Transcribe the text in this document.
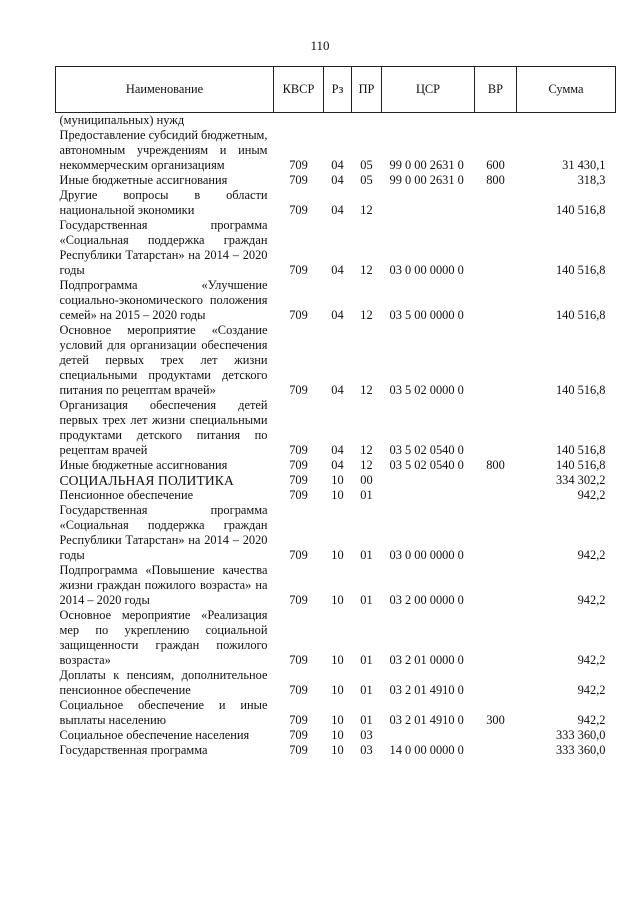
110
Наименование	КВСР	Рз	ПР	ЦСР	ВР	Сумма
(муниципальных) нужд						
Предоставление субсидий бюджетным, автономным учреждениям и иным некоммерческим организациям	709	04	05	99 0 00 2631 0	600	31 430,1
Иные бюджетные ассигнования	709	04	05	99 0 00 2631 0	800	318,3
Другие вопросы в области национальной экономики	709	04	12			140 516,8
Государственная программа «Социальная поддержка граждан Республики Татарстан» на 2014 – 2020 годы	709	04	12	03 0 00 0000 0		140 516,8
Подпрограмма «Улучшение социально-экономического положения семей» на 2015 – 2020 годы	709	04	12	03 5 00 0000 0		140 516,8
Основное мероприятие «Создание условий для организации обеспечения детей первых трех лет жизни специальными продуктами детского питания по рецептам врачей»	709	04	12	03 5 02 0000 0		140 516,8
Организация обеспечения детей первых трех лет жизни специальными продуктами детского питания по рецептам врачей	709	04	12	03 5 02 0540 0		140 516,8
Иные бюджетные ассигнования	709	04	12	03 5 02 0540 0	800	140 516,8
СОЦИАЛЬНАЯ ПОЛИТИКА	709	10	00			334 302,2
Пенсионное обеспечение	709	10	01			942,2
Государственная программа «Социальная поддержка граждан Республики Татарстан» на 2014 – 2020 годы	709	10	01	03 0 00 0000 0		942,2
Подпрограмма «Повышение качества жизни граждан пожилого возраста» на 2014 – 2020 годы	709	10	01	03 2 00 0000 0		942,2
Основное мероприятие «Реализация мер по укреплению социальной защищенности граждан пожилого возраста»	709	10	01	03 2 01 0000 0		942,2
Доплаты к пенсиям, дополнительное пенсионное обеспечение	709	10	01	03 2 01 4910 0		942,2
Социальное обеспечение и иные выплаты населению	709	10	01	03 2 01 4910 0	300	942,2
Социальное обеспечение населения	709	10	03			333 360,0
Государственная программа	709	10	03	14 0 00 0000 0		333 360,0
